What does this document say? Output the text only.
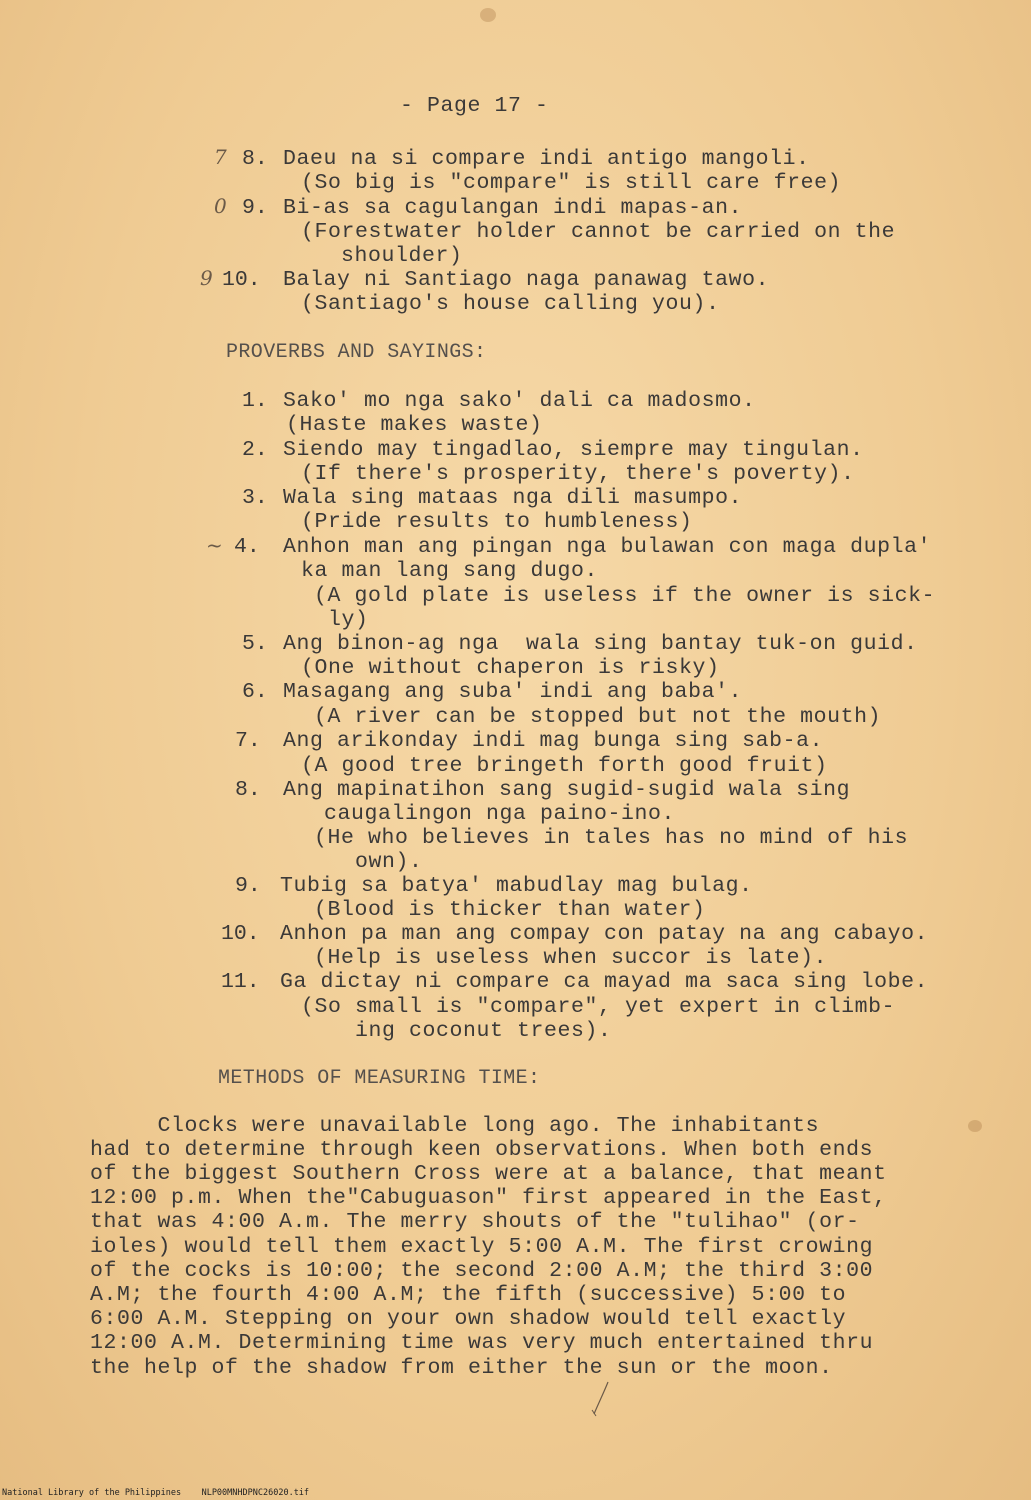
- Page 17 -
7 8. Daeu na si compare indi antigo mangoli.
(So big is "compare" is still care free)
0 9. Bi-as sa cagulangan indi mapas-an.
(Forestwater holder cannot be carried on the
shoulder)
9 10. Balay ni Santiago naga panawag tawo.
(Santiago's house calling you).
PROVERBS AND SAYINGS:
1. Sako' mo nga sako' dali ca madosmo.
(Haste makes waste)
2. Siendo may tingadlao, siempre may tingulan.
(If there's prosperity, there's poverty).
3. Wala sing mataas nga dili masumpo.
(Pride results to humbleness)
~ 4. Anhon man ang pingan nga bulawan con maga dupla'
ka man lang sang dugo.
(A gold plate is useless if the owner is sick-
ly)
5. Ang binon-ag nga  wala sing bantay tuk-on guid.
(One without chaperon is risky)
6. Masagang ang suba' indi ang baba'.
(A river can be stopped but not the mouth)
7. Ang arikonday indi mag bunga sing sab-a.
(A good tree bringeth forth good fruit)
8. Ang mapinatihon sang sugid-sugid wala sing
caugalingon nga paino-ino.
(He who believes in tales has no mind of his
own).
9. Tubig sa batya' mabudlay mag bulag.
(Blood is thicker than water)
10. Anhon pa man ang compay con patay na ang cabayo.
(Help is useless when succor is late).
11. Ga dictay ni compare ca mayad ma saca sing lobe.
(So small is "compare", yet expert in climb-
ing coconut trees).
METHODS OF MEASURING TIME:
Clocks were unavailable long ago. The inhabitants
had to determine through keen observations. When both ends
of the biggest Southern Cross were at a balance, that meant
12:00 p.m. When the"Cabuguason" first appeared in the East,
that was 4:00 A.m. The merry shouts of the "tulihao" (or-
ioles) would tell them exactly 5:00 A.M. The first crowing
of the cocks is 10:00; the second 2:00 A.M; the third 3:00
A.M; the fourth 4:00 A.M; the fifth (successive) 5:00 to
6:00 A.M. Stepping on your own shadow would tell exactly
12:00 A.M. Determining time was very much entertained thru
the help of the shadow from either the sun or the moon.
National Library of the Philippines    NLP00MNHDPNC26020.tif
